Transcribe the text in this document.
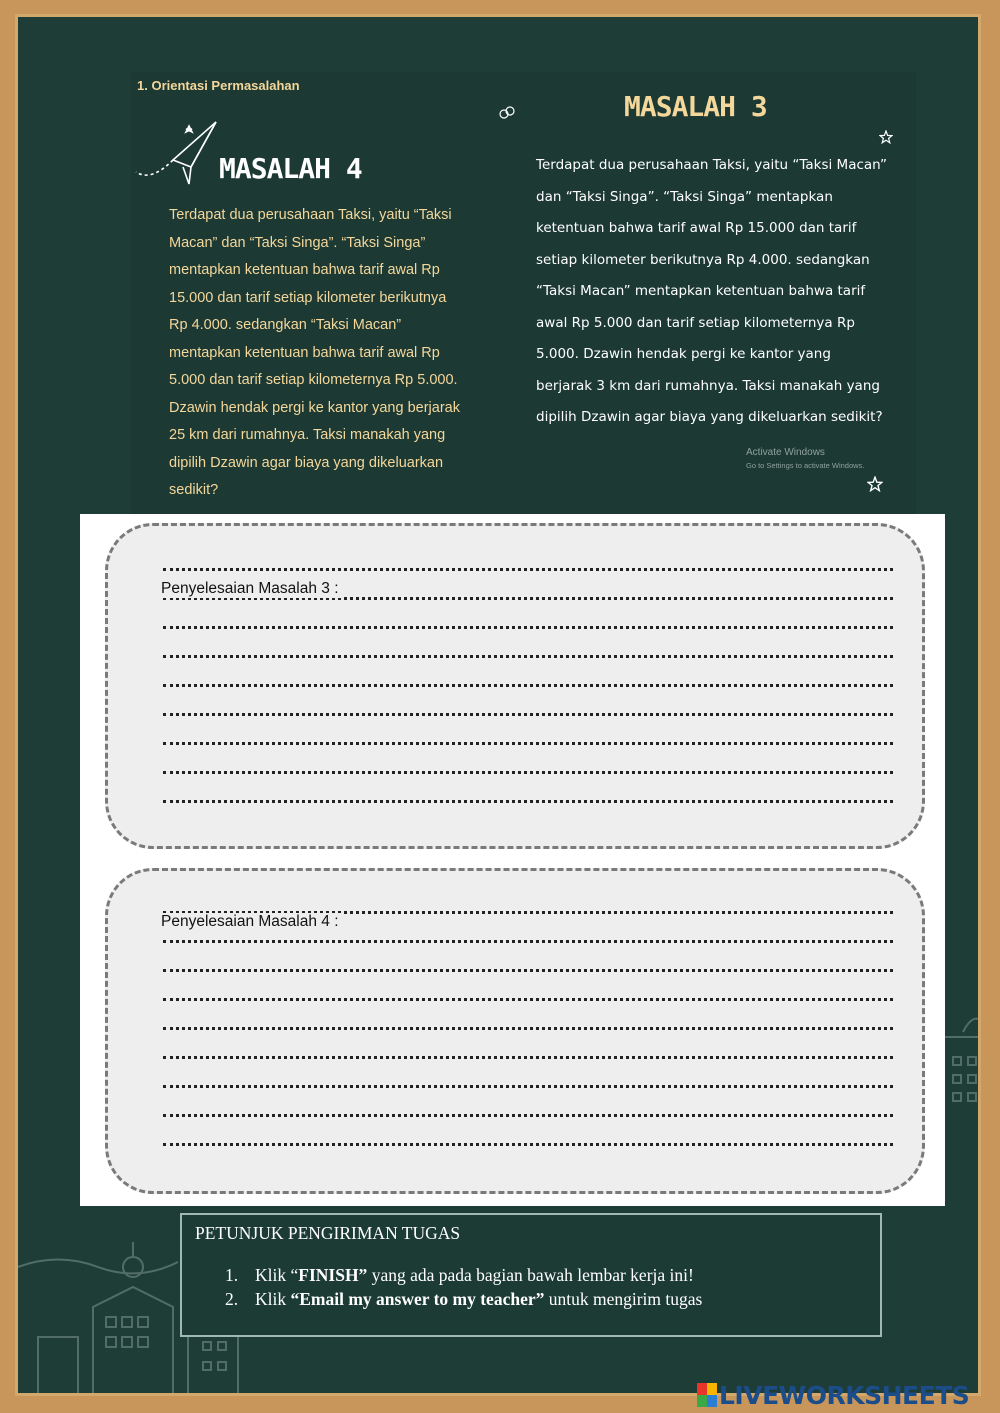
1. Orientasi Permasalahan
MASALAH 4
Terdapat dua perusahaan Taksi, yaitu “Taksi
Macan” dan “Taksi Singa”. “Taksi Singa”
mentapkan ketentuan bahwa tarif awal Rp
15.000 dan tarif setiap kilometer berikutnya
Rp 4.000. sedangkan “Taksi Macan”
mentapkan ketentuan bahwa tarif awal Rp
5.000 dan tarif setiap kilometernya Rp 5.000.
Dzawin hendak pergi ke kantor yang berjarak
25 km dari rumahnya. Taksi manakah yang
dipilih Dzawin agar biaya yang dikeluarkan
sedikit?
MASALAH 3
Terdapat dua perusahaan Taksi, yaitu “Taksi Macan”
dan “Taksi Singa”. “Taksi Singa” mentapkan
ketentuan bahwa tarif awal Rp 15.000 dan tarif
setiap kilometer berikutnya Rp 4.000. sedangkan
“Taksi Macan” mentapkan ketentuan bahwa tarif
awal Rp 5.000 dan tarif setiap kilometernya Rp
5.000. Dzawin hendak pergi ke kantor yang
berjarak 3 km dari rumahnya. Taksi manakah yang
dipilih Dzawin agar biaya yang dikeluarkan sedikit?
Activate Windows
Go to Settings to activate Windows.
Penyelesaian Masalah 3 :
Penyelesaian Masalah 4 :
PETUNJUK PENGIRIMAN TUGAS
1. Klik “FINISH” yang ada pada bagian bawah lembar kerja ini!
2. Klik “Email my answer to my teacher” untuk mengirim tugas
LIVEWORKSHEETS
